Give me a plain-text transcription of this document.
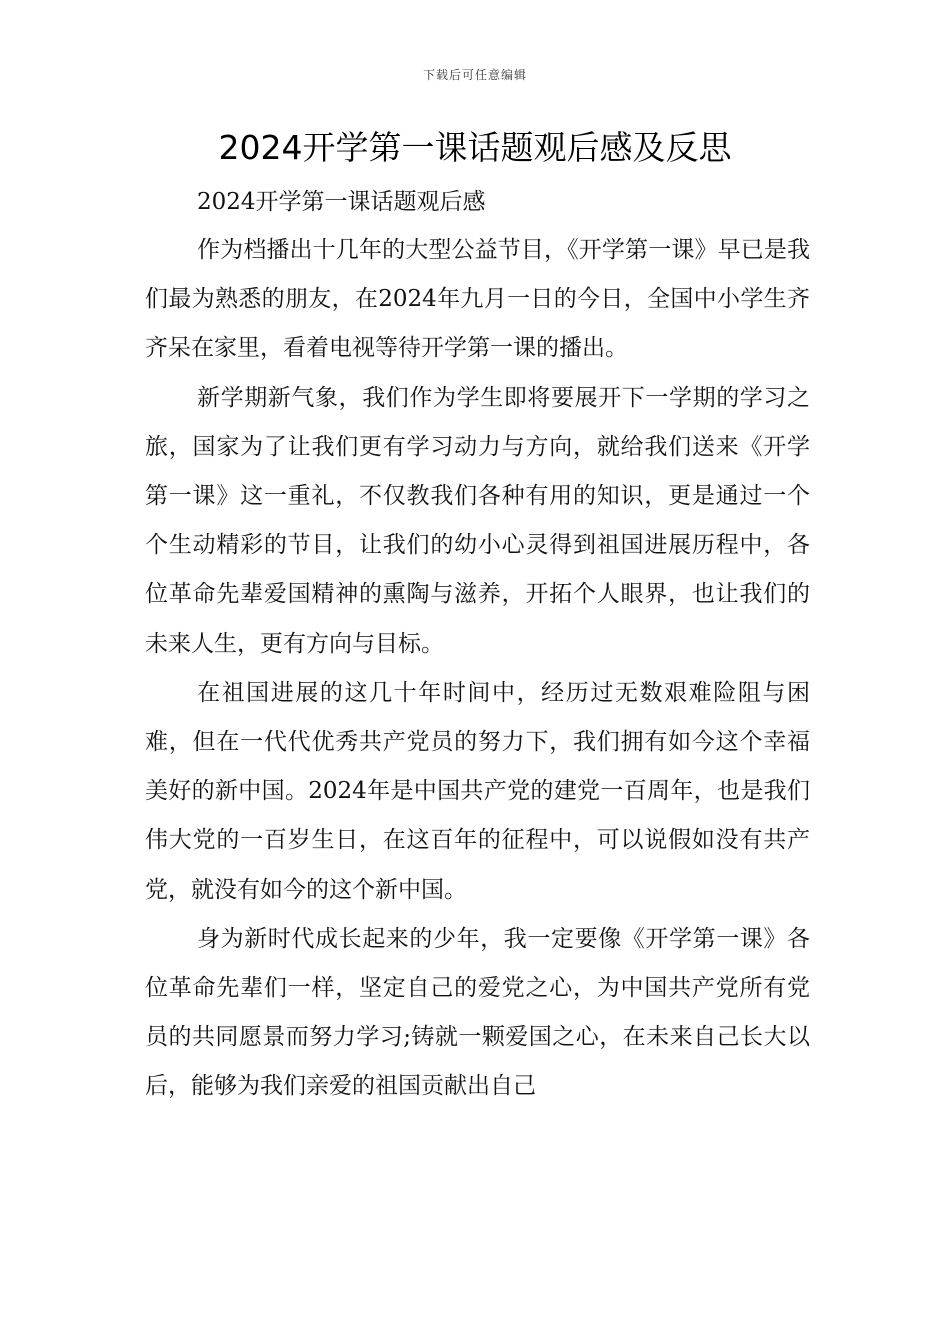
下载后可任意编辑
2024开学第一课话题观后感及反思

2024开学第一课话题观后感

作为档播出十几年的大型公益节目，《开学第一课》早已是我们最为熟悉的朋友，在2024年九月一日的今日，全国中小学生齐齐呆在家里，看着电视等待开学第一课的播出。

新学期新气象，我们作为学生即将要展开下一学期的学习之旅，国家为了让我们更有学习动力与方向，就给我们送来《开学第一课》这一重礼，不仅教我们各种有用的知识，更是通过一个个生动精彩的节目，让我们的幼小心灵得到祖国进展历程中，各位革命先辈爱国精神的熏陶与滋养，开拓个人眼界，也让我们的未来人生，更有方向与目标。

在祖国进展的这几十年时间中，经历过无数艰难险阻与困难，但在一代代优秀共产党员的努力下，我们拥有如今这个幸福美好的新中国。2024年是中国共产党的建党一百周年，也是我们伟大党的一百岁生日，在这百年的征程中，可以说假如没有共产党，就没有如今的这个新中国。

身为新时代成长起来的少年，我一定要像《开学第一课》各位革命先辈们一样，坚定自己的爱党之心，为中国共产党所有党员的共同愿景而努力学习;铸就一颗爱国之心，在未来自己长大以后，能够为我们亲爱的祖国贡献出自己
